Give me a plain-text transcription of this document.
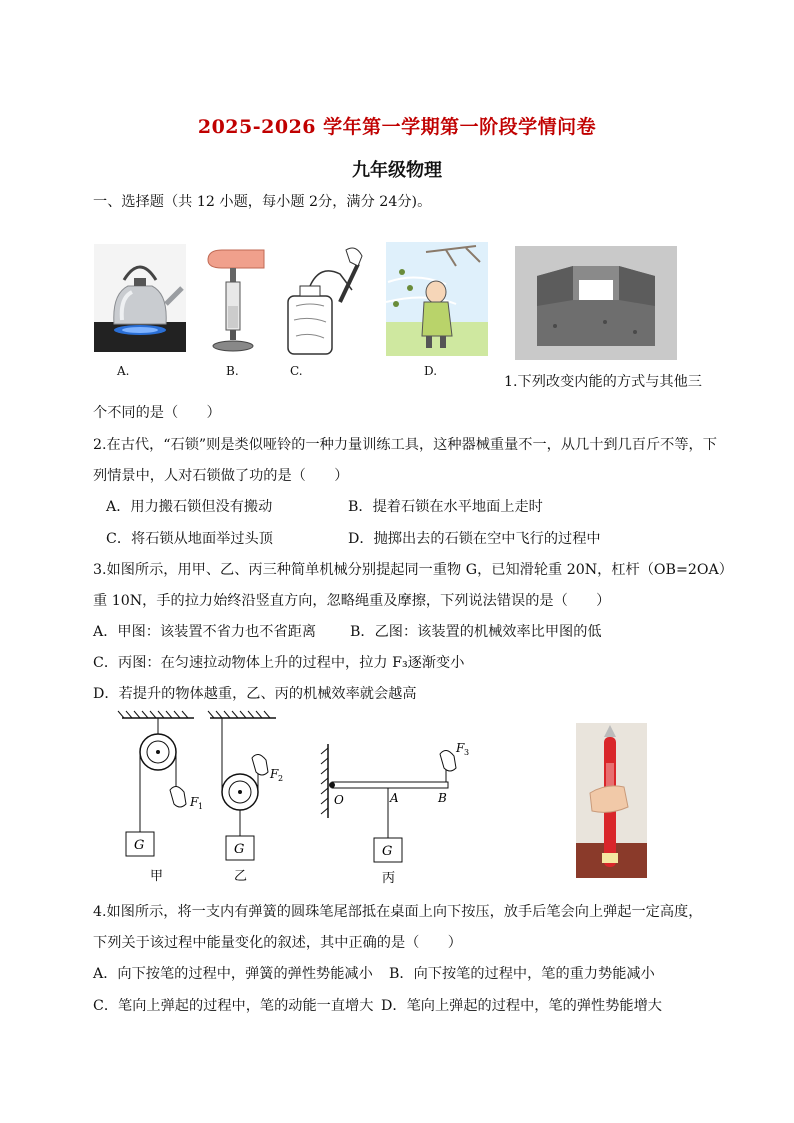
2025-2026 学年第一学期第一阶段学情问卷
九年级物理
一、选择题（共 12 小题，每小题 2分，满分 24分)。
A.	B.	C.	D.
1.下列改变内能的方式与其他三
个不同的是（　　）
2.在古代，“石锁”则是类似哑铃的一种力量训练工具，这种器械重量不一，从几十到几百斤不等，下
列情景中，人对石锁做了功的是（　　）
A．用力搬石锁但没有搬动	B．提着石锁在水平地面上走时
C．将石锁从地面举过头顶	D．抛掷出去的石锁在空中飞行的过程中
3.如图所示，用甲、乙、丙三种简单机械分别提起同一重物 G，已知滑轮重 20N，杠杆（OB=2OA）
重 10N，手的拉力始终沿竖直方向，忽略绳重及摩擦，下列说法错误的是（　　）
A．甲图：该装置不省力也不省距离 B．乙图：该装置的机械效率比甲图的低
C．丙图：在匀速拉动物体上升的过程中，拉力 F₃逐渐变小
D．若提升的物体越重，乙、丙的机械效率就会越高
G
F 1
甲
G
F 2
乙
G
O	A	B
F 3
丙
4.如图所示，将一支内有弹簧的圆珠笔尾部抵在桌面上向下按压，放手后笔会向上弹起一定高度，
下列关于该过程中能量变化的叙述，其中正确的是（　　）
A．向下按笔的过程中，弹簧的弹性势能减小 B．向下按笔的过程中，笔的重力势能减小
C．笔向上弹起的过程中，笔的动能一直增大 D．笔向上弹起的过程中，笔的弹性势能增大
